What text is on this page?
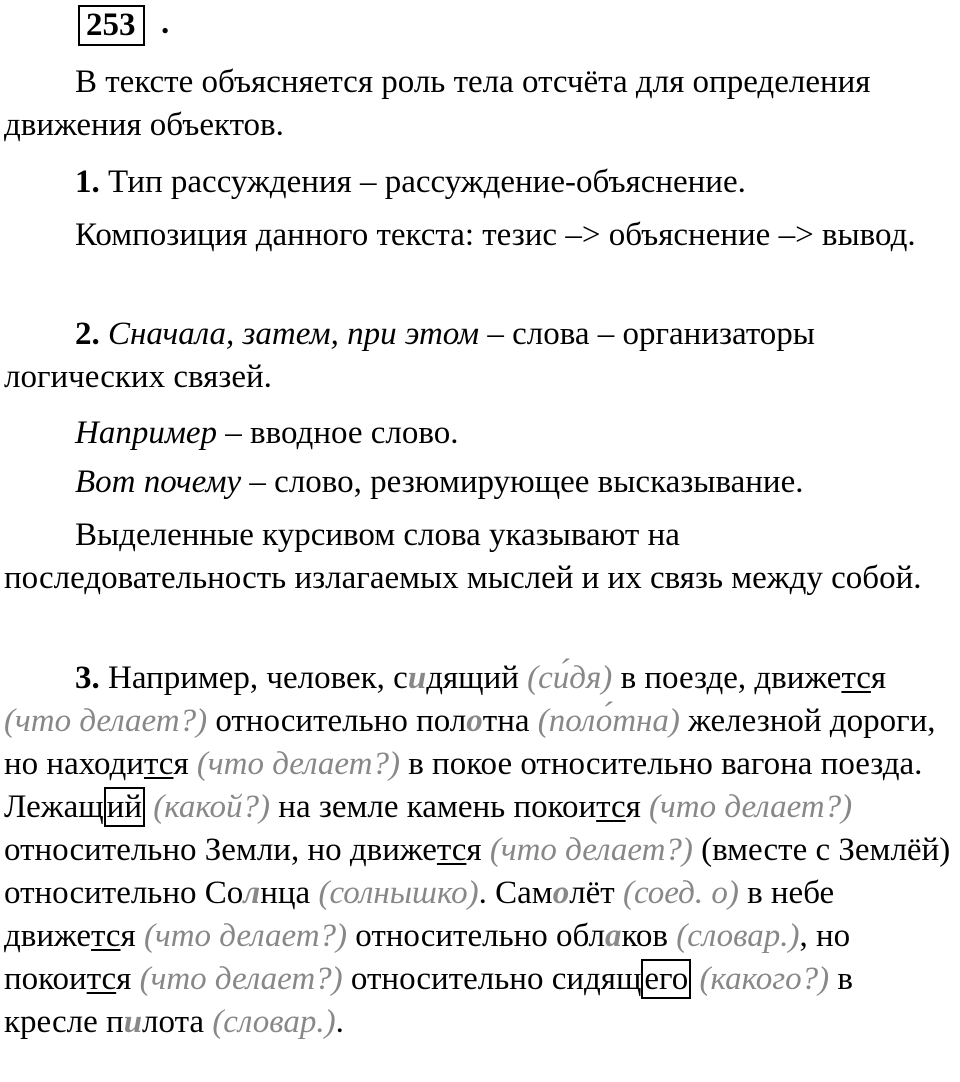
253 .

В тексте объясняется роль тела отсчёта для определения движения объектов.

1. Тип рассуждения – рассуждение-объяснение.

Композиция данного текста: тезис –> объяснение –> вывод.

2. Сначала, затем, при этом – слова – организаторы логических связей.

Например – вводное слово.

Вот почему – слово, резюмирующее высказывание.

Выделенные курсивом слова указывают на последовательность излагаемых мыслей и их связь между собой.

3. Например, человек, сидящий (си́дя) в поезде, движется (что делает?) относительно полотна (поло́тна) железной дороги, но находится (что делает?) в покое относительно вагона поезда. Лежащий (какой?) на земле камень покоится (что делает?) относительно Земли, но движется (что делает?) (вместе с Землёй) относительно Солнца (солнышко). Самолёт (соед. о) в небе движется (что делает?) относительно облаков (словар.), но покоится (что делает?) относительно сидящего (какого?) в кресле пилота (словар.).
